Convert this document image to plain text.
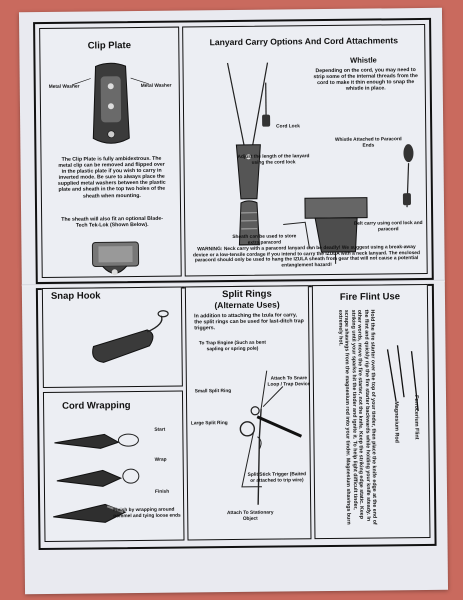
Clip Plate
Metal Washer	Metal Washer
The Clip Plate is fully ambidextrous. The metal clip can be removed and flipped over in the plastic plate if you wish to carry in inverted mode. Be sure to always place the supplied metal washers between the plastic plate and sheath in the top two holes of the sheath when mounting.
The sheath will also fit an optional Blade-Tech Tek-Lok (Shown Below).
Lanyard Carry Options And Cord Attachments
Whistle
Depending on the cord, you may need to strip some of the internal threads from the cord to make it thin enough to snap the whistle in place.
Cord Lock
Adjust the length of the lanyard using the cord lock
Whistle Attached to Paracord Ends
Sheath can be used to store extra paracord
Belt carry using cord lock and paracord
WARNING: Neck carry with a paracord lanyard can be deadly! We suggest using a break-away device or a low-tensile cordage if you intend to carry the IZULA with a neck lanyard. The enclosed paracord should only be used to hang the IZULA sheath from gear that will not cause a potential entanglement hazard!
Snap Hook
Cord Wrapping
Start
Wrap
Finish
Finish by wrapping around pommel and tying loose ends
Split Rings
(Alternate Uses)
In addition to attaching the Izula for carry, the split rings can be used for last-ditch trap triggers.
To Trap Engine (Such as bent sapling or spring pole)
Attach To Snare Loop / Trap Device
Small Split Ring
Large Split Ring
Split Stick Trigger (Baited or attached to trip wire)
Attach To Stationary Object
Fire Flint Use
Hold the fire starter over the top of your tinder, then place the knife edge at the end of the flint and quickly rip the fire starter backwards while holding your knife steady. In other words, move the fire starter, not the knife. Keep the striking edge static. Keep striking until your sparks hit the tinder and ignite it. To help light difficult tinder, scrape shavings from the magnesium rod into your tinder. Magnesium shavings burn extremely hot.
Magnesium Rod	Ferrocerium Flint
